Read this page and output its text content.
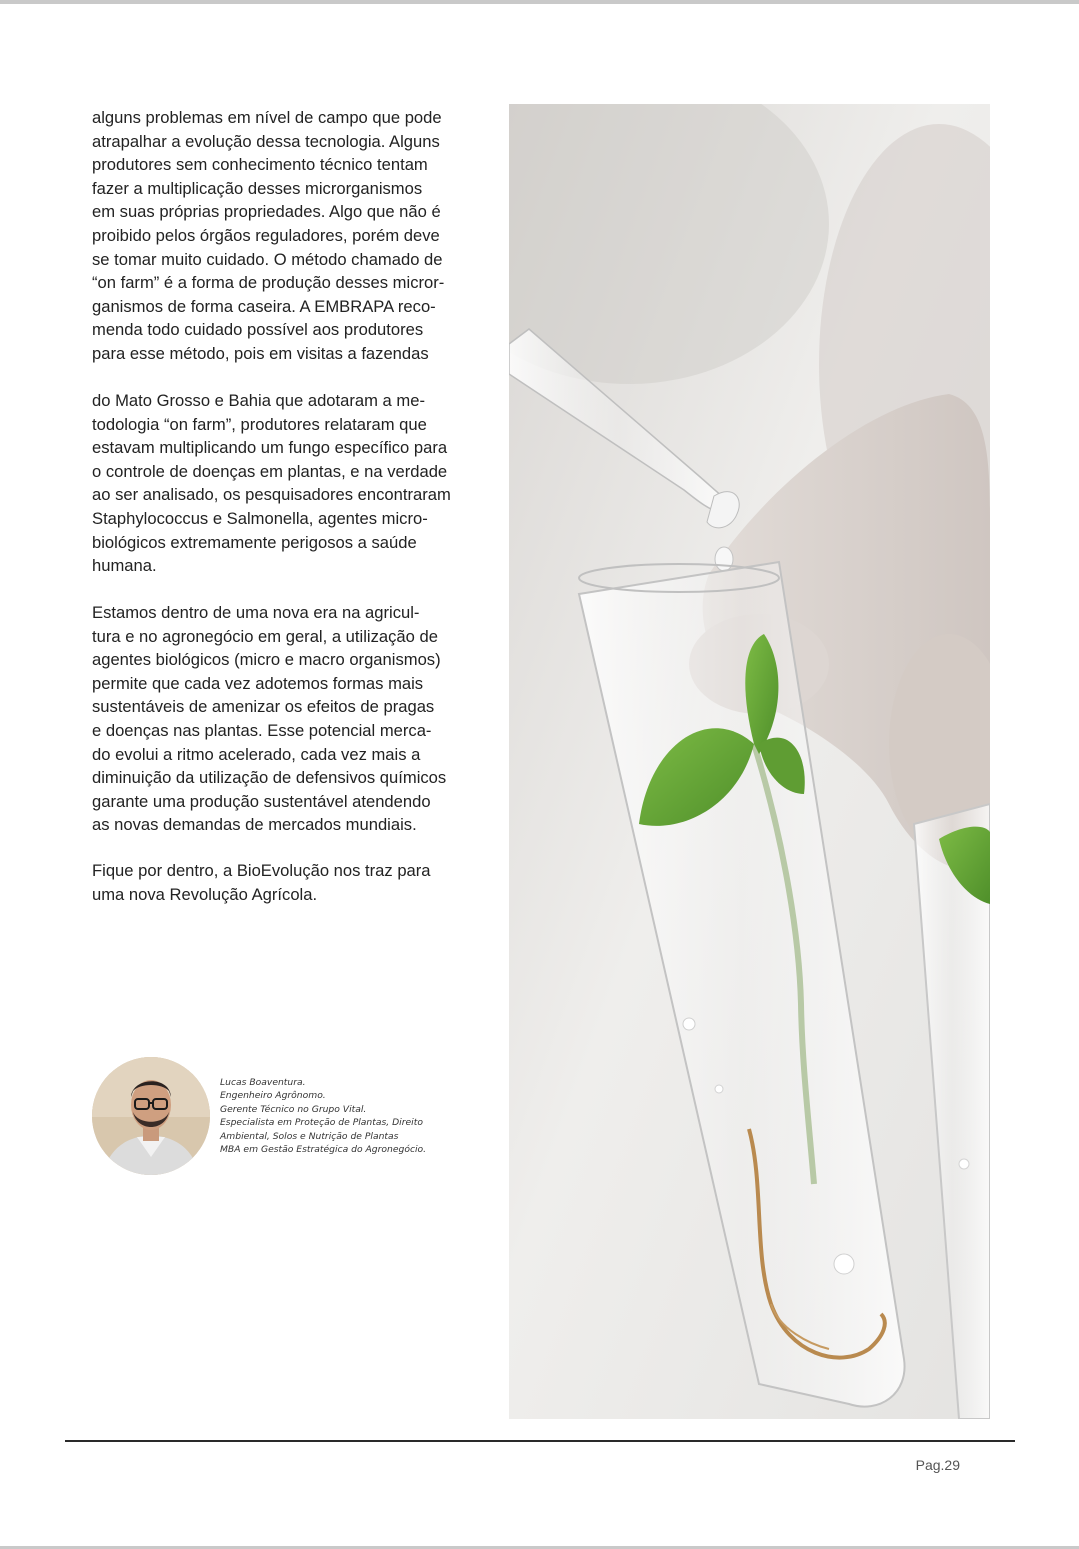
alguns problemas em nível de campo que pode
atrapalhar a evolução dessa tecnologia. Alguns
produtores sem conhecimento técnico tentam
fazer a multiplicação desses microrganismos
em suas próprias propriedades. Algo que não é
proibido pelos órgãos reguladores, porém deve
se tomar muito cuidado. O método chamado de
“on farm” é a forma de produção desses micror-
ganismos de forma caseira. A EMBRAPA reco-
menda todo cuidado possível aos produtores
para esse método, pois em visitas a fazendas

do Mato Grosso e Bahia que adotaram a me-
todologia “on farm”, produtores relataram que
estavam multiplicando um fungo específico para
o controle de doenças em plantas, e na verdade
ao ser analisado, os pesquisadores encontraram
Staphylococcus e Salmonella, agentes micro-
biológicos extremamente perigosos a saúde
humana.

Estamos dentro de uma nova era na agricul-
tura e no agronegócio em geral, a utilização de
agentes biológicos (micro e macro organismos)
permite que cada vez adotemos formas mais
sustentáveis de amenizar os efeitos de pragas
e doenças nas plantas. Esse potencial merca-
do evolui a ritmo acelerado, cada vez mais a
diminuição da utilização de defensivos químicos
garante uma produção sustentável atendendo
as novas demandas de mercados mundiais.

Fique por dentro, a BioEvolução nos traz para
uma nova Revolução Agrícola.

Lucas Boaventura.
Engenheiro Agrônomo.
Gerente Técnico no Grupo Vital.
Especialista em Proteção de Plantas, Direito
Ambiental, Solos e Nutrição de Plantas
MBA em Gestão Estratégica do Agronegócio.
Pag.29
